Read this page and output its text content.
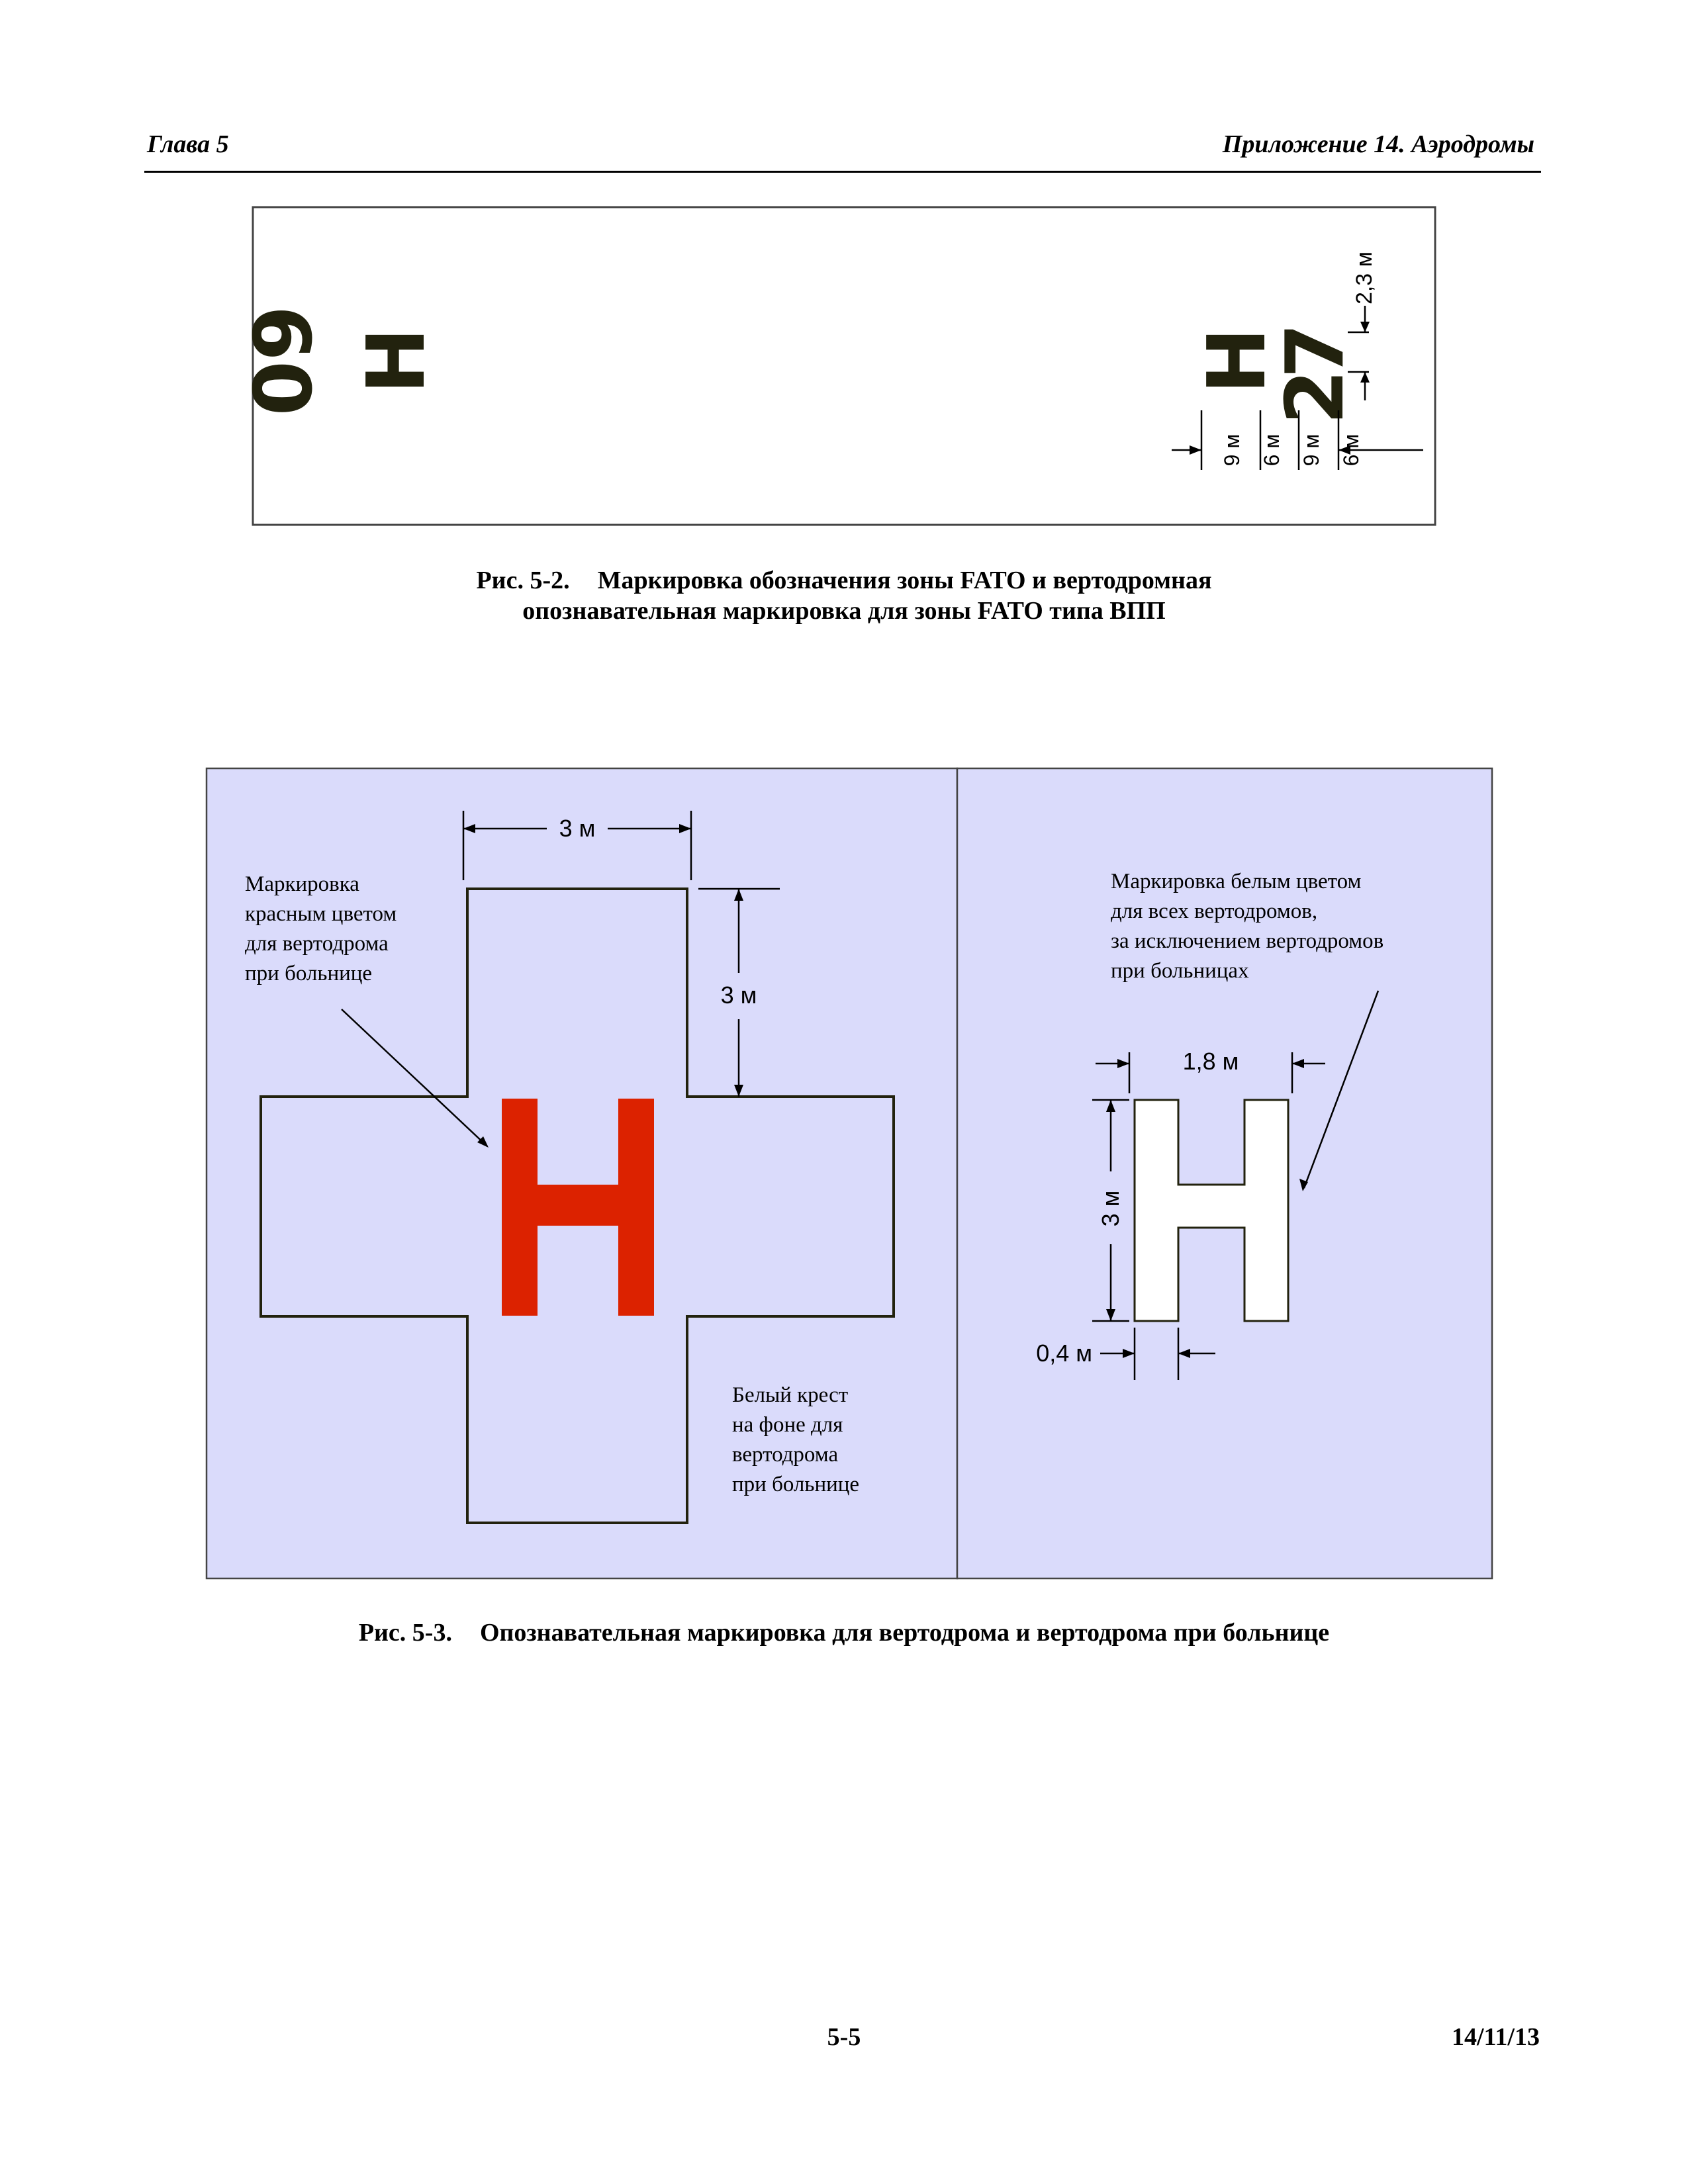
Глава 5	Приложение 14. Аэродромы
09 H	H
7
2
2,3 м
9 м 6 м 9 м 6 м
Рис. 5-2. Маркировка обозначения зоны FATO и вертодромная
опознавательная маркировка для зоны FATO типа ВПП
3 м
3 м
Маркировка
красным цветом
для вертодрома
при больнице
Белый крест
на фоне для
вертодрома
при больнице
Маркировка белым цветом
для всех вертодромов,
за исключением вертодромов
при больницах
1,8 м
3 м
0,4 м
Рис. 5-3. Опознавательная маркировка для вертодрома и вертодрома при больнице
5-5	14/11/13
